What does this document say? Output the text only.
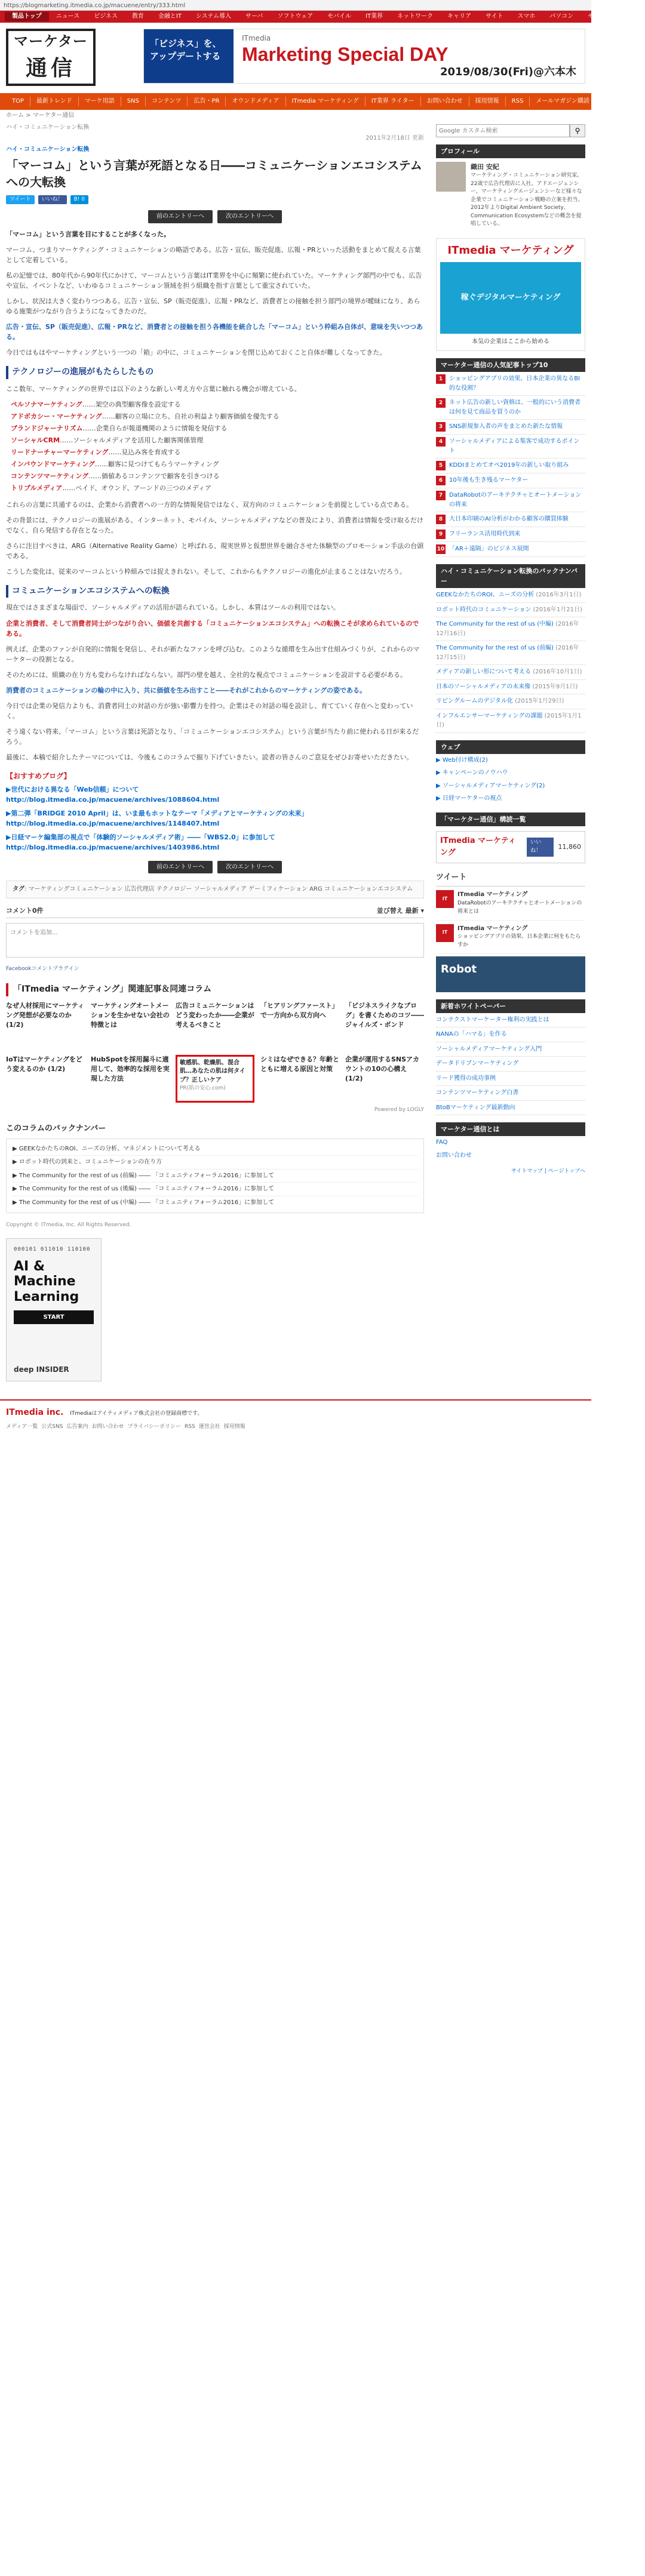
https://blogmarketing.itmedia.co.jp/macuene/entry/333.html
製品トップ	ニュース	ビジネス	教育	金融とIT	システム導入	サーバ	ソフトウェア	モバイル	IT業界	ネットワーク	キャリア	サイト	スマホ	パソコン	モチタ	ブログ
マーケター
通信
「ビジネス」を、アップデートする
ITmedia
Marketing Special DAY
2019/08/30(Fri)@六本木
TOP	最新トレンド	マーケ用語	SNS	コンテンツ	広告・PR	オウンドメディア	ITmedia マーケティング	IT業界 ライター	お問い合わせ	採用情報	RSS	メールマガジン購読
ホーム > マーケター通信
ハイ・コミュニケーション転換
2011年2月18日 更新
ハイ・コミュニケーション転換
「マーコム」という言葉が死語となる日――コミュニケーションエコシステムへの大転換
ツイート	いいね！	B! 0
前のエントリーへ	次のエントリーへ

「マーコム」という言葉を目にすることが多くなった。

マーコム、つまりマーケティング・コミュニケーションの略語である。広告・宣伝、販売促進、広報・PRといった活動をまとめて捉える言葉として定着している。

私の記憶では、80年代から90年代にかけて、マーコムという言葉はIT業界を中心に頻繁に使われていた。マーケティング部門の中でも、広告や宣伝、イベントなど、いわゆるコミュニケーション領域を担う組織を指す言葉として重宝されていた。

しかし、状況は大きく変わりつつある。広告・宣伝、SP（販売促進）、広報・PRなど、消費者との接触を担う部門の境界が曖昧になり、あらゆる施策がつながり合うようになってきたのだ。

広告・宣伝、SP（販売促進）、広報・PRなど、消費者との接触を担う各機能を統合した「マーコム」という枠組み自体が、意味を失いつつある。

今日ではもはやマーケティングという一つの「箱」の中に、コミュニケーションを閉じ込めておくこと自体が難しくなってきた。

テクノロジーの進展がもたらしたもの

ここ数年、マーケティングの世界では以下のような新しい考え方や言葉に触れる機会が増えている。

ペルソナマーケティング……架空の典型顧客像を設定する
アドボカシー・マーケティング……顧客の立場に立ち、自社の利益より顧客価値を優先する
ブランドジャーナリズム……企業自らが報道機関のように情報を発信する
ソーシャルCRM……ソーシャルメディアを活用した顧客関係管理
リードナーチャーマーケティング……見込み客を育成する
インバウンドマーケティング……顧客に見つけてもらうマーケティング
コンテンツマーケティング……価値あるコンテンツで顧客を引きつける
トリプルメディア……ペイド、オウンド、アーンドの三つのメディア

これらの言葉に共通するのは、企業から消費者への一方的な情報発信ではなく、双方向のコミュニケーションを前提としている点である。

その背景には、テクノロジーの進展がある。インターネット、モバイル、ソーシャルメディアなどの普及により、消費者は情報を受け取るだけでなく、自ら発信する存在となった。

さらに注目すべきは、ARG（Alternative Reality Game）と呼ばれる、現実世界と仮想世界を融合させた体験型のプロモーション手法の台頭である。

こうした変化は、従来のマーコムという枠組みでは捉えきれない。そして、これからもテクノロジーの進化が止まることはないだろう。

コミュニケーションエコシステムへの転換

現在ではさまざまな場面で、ソーシャルメディアの活用が語られている。しかし、本質はツールの利用ではない。

企業と消費者、そして消費者同士がつながり合い、価値を共創する「コミュニケーションエコシステム」への転換こそが求められているのである。

例えば、企業のファンが自発的に情報を発信し、それが新たなファンを呼び込む。このような循環を生み出す仕組みづくりが、これからのマーケターの役割となる。

そのためには、組織の在り方も変わらなければならない。部門の壁を越え、全社的な視点でコミュニケーションを設計する必要がある。

消費者のコミュニケーションの輪の中に入り、共に価値を生み出すこと――それがこれからのマーケティングの姿である。

今日では企業の発信力よりも、消費者同士の対話の方が強い影響力を持つ。企業はその対話の場を設計し、育てていく存在へと変わっていく。

そう遠くない将来、「マーコム」という言葉は死語となり、「コミュニケーションエコシステム」という言葉が当たり前に使われる日が来るだろう。

最後に、本稿で紹介したテーマについては、今後もこのコラムで掘り下げていきたい。読者の皆さんのご意見をぜひお寄せいただきたい。

【おすすめブログ】
▶世代における異なる「Web信頼」について
http://blog.itmedia.co.jp/macuene/archives/1088604.html
▶第二弾「BRIDGE 2010 April」は、いま最もホットなテーマ「メディアとマーケティングの未来」
http://blog.itmedia.co.jp/macuene/archives/1148407.html
▶日経マーケ編集部の視点で「体験的ソーシャルメディア術」――「WBS2.0」に参加して
http://blog.itmedia.co.jp/macuene/archives/1403986.html
前のエントリーへ	次のエントリーへ
タグ: マーケティングコミュニケーション 広告代理店 テクノロジー ソーシャルメディア ゲーミフィケーション ARG コミュニケーションエコシステム
コメント0件	並び替え 最新 ▾
コメントを追加...
Facebookコメントプラグイン
「ITmedia マーケティング」関連記事＆同連コラム
なぜ人材採用にマーケティング発想が必要なのか (1/2)
マーケティングオートメーションを生かせない会社の特徴とは
広告コミュニケーションはどう変わったか――企業が考えるべきこと
「ヒアリングファースト」で一方向から双方向へ
「ビジネスライクなブログ」を書くためのコツ――ジャイルズ・ボンド
IoTはマーケティングをどう変えるのか (1/2)
HubSpotを採用漏斗に適用して、効率的な採用を実現した方法
敏感肌、乾燥肌、混合肌…あなたの肌は何タイプ？正しいケア
PR(肌の安心.com)
シミはなぜできる？年齢とともに増える原因と対策
企業が運用するSNSアカウントの10の心構え (1/2)
Powered by LOGLY
このコラムのバックナンバー
▶ GEEKなかたちのROI、ニーズの分析、マネジメントについて考える
▶ ロボット時代の到来と、コミュニケーションの在り方
▶ The Community for the rest of us (前編) ―― 「コミュニティフォーラム2016」に参加して
▶ The Community for the rest of us (後編) ―― 「コミュニティフォーラム2016」に参加して
▶ The Community for the rest of us (中編) ―― 「コミュニティフォーラム2016」に参加して
Copyright © ITmedia, Inc. All Rights Reserved.
000101 011010 110100
AI & Machine Learning
START
deep INSIDER
Google カスタム検索
⚲
プロフィール
織田 安紀
マーケティング・コミュニケーション研究家。22歳で広告代理店に入社。アドエージェンシー、マーケティングエージェンシーなど様々な企業でコミュニケーション戦略の立案を担当。2012年よりDigital Ambient Society、Communication Ecosystemなどの概念を提唱している。
ITmedia マーケティング
稼ぐデジタルマーケティング
本気の企業はここから始める
マーケター通信の人気記事トップ10
1	ショッピングアプリの効果、日本企業の異なるBI的な役割？
2	ネット広告の新しい資格は、一般的にいう消費者は何を見て商品を買うのか
3	SNS新規参入者の声をまとめた新たな情報
4	ソーシャルメディアによる集客で成功するポイント
5	KDDIまとめてオペ2019年の新しい取り組み
6	10年後も生き残るマーケター
7	DataRobotのアーキテクチャとオートメーションの将来
8	大日本印刷のAI分析がわかる顧客の購買体験
9	フリーランス活用時代到来
10 「AR＋遠隔」のビジネス展開
ハイ・コミュニケーション転換のバックナンバー
GEEKなかたちのROI、ニーズの分析 (2016年3月1日)
ロボット時代のコミュニケーション (2016年1月21日)
The Community for the rest of us (中編) (2016年12月16日)
The Community for the rest of us (前編) (2016年12月15日)
メディアの新しい形について考える (2016年10月1日)
日本のソーシャルメディアの未来像 (2015年9月1日)
リビングルームのデジタル化 (2015年1月29日)
インフルエンサーマーケティングの課題 (2015年1月1日)
ウェブ
▶ Web付け構成(2)
▶ キャンペーンのノウハウ
▶ ソーシャルメディアマーケティング(2)
▶ 日経マーケターの視点
「マーケター通信」構読一覧
ITmedia マーケティング
いいね！	11,860
ツイート
IT
ITmedia マーケティング
DataRobotのアーキテクチャとオートメーションの将来とは
IT
ITmedia マーケティング
ショッピングアプリの効果、日本企業に何をもたらすか
Robot
新着ホワイトペーパー
コンテクストマーケーター権利の実践とは
NANAの「ハマる」を作る
ソーシャルメディアマーケティング入門
データドリブンマーケティング
リード獲得の成功事例
コンテンツマーケティング白書
BtoBマーケティング最新動向
マーケター通信とは
FAQ
お問い合わせ
サイトマップ | ページトップへ
ITmedia inc. ITmediaはアイティメディア株式会社の登録商標です。
メディア一覧 公式SNS 広告案内 お問い合わせ プライバシーポリシー RSS 運営会社 採用情報
